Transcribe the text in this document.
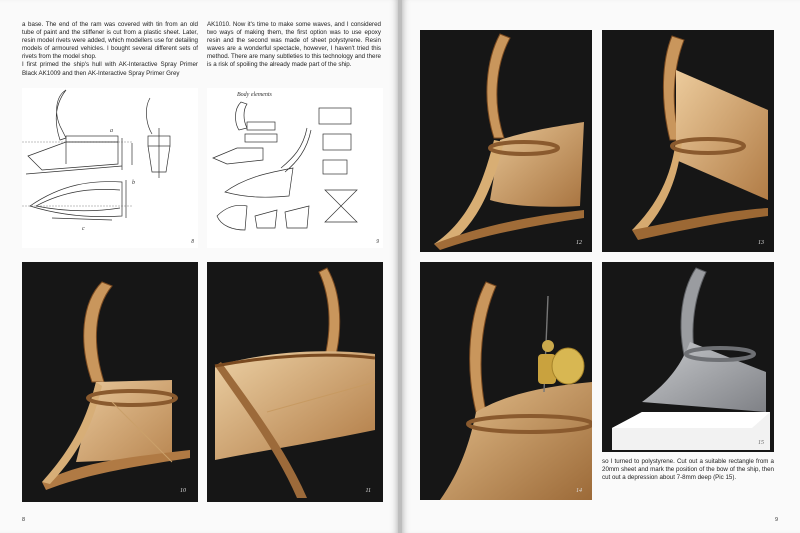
a base. The end of the ram was covered with tin from an old tube of paint and the stiffener is cut from a plastic sheet. Later, resin model rivets were added, which modellers use for detailing models of armoured vehicles. I bought several different sets of rivets from the model shop.
I first primed the ship's hull with AK-Interactive Spray Primer Black AK1009 and then AK-Interactive Spray Primer Grey
AK1010. Now it's time to make some waves, and I considered two ways of making them, the first option was to use epoxy resin and the second was made of sheet polystyrene. Resin waves are a wonderful spectacle, however, I haven't tried this method. There are many subtleties to this technology and there is a risk of spoiling the already made part of the ship.
a
b
c
8
Body elements
9
10	11
8
12	13
14
15
so I turned to polystyrene. Cut out a suitable rectangle from a 20mm sheet and mark the position of the bow of the ship, then cut out a depression about 7-8mm deep (Pic 15).
9
